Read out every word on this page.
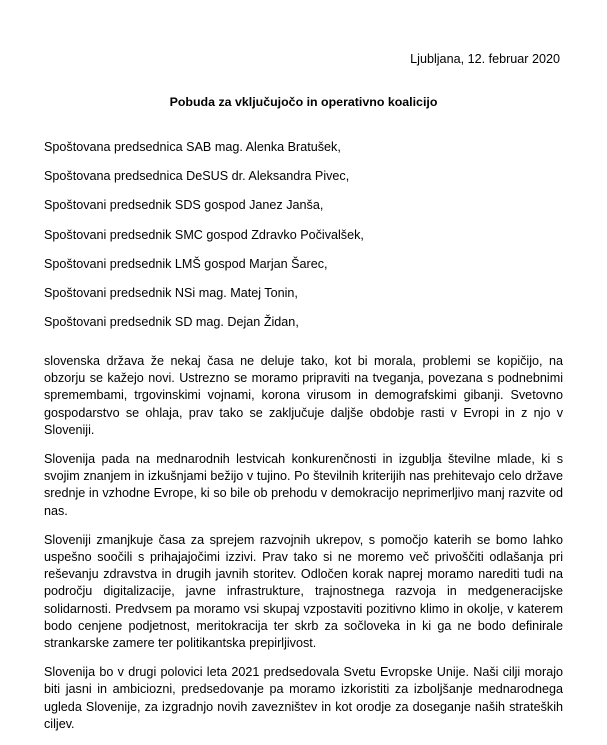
Ljubljana, 12. februar 2020
Pobuda za vključujočo in operativno koalicijo
Spoštovana predsednica SAB mag. Alenka Bratušek,
Spoštovana predsednica DeSUS dr. Aleksandra Pivec,
Spoštovani predsednik SDS gospod Janez Janša,
Spoštovani predsednik SMC gospod Zdravko Počivalšek,
Spoštovani predsednik LMŠ gospod Marjan Šarec,
Spoštovani predsednik NSi mag. Matej Tonin,
Spoštovani predsednik SD mag. Dejan Židan,

slovenska država že nekaj časa ne deluje tako, kot bi morala, problemi se kopičijo, na obzorju se kažejo novi. Ustrezno se moramo pripraviti na tveganja, povezana s podnebnimi spremembami, trgovinskimi vojnami, korona virusom in demografskimi gibanji. Svetovno gospodarstvo se ohlaja, prav tako se zaključuje daljše obdobje rasti v Evropi in z njo v Sloveniji.

Slovenija pada na mednarodnih lestvicah konkurenčnosti in izgublja številne mlade, ki s svojim znanjem in izkušnjami bežijo v tujino. Po številnih kriterijih nas prehitevajo celo države srednje in vzhodne Evrope, ki so bile ob prehodu v demokracijo neprimerljivo manj razvite od nas.

Sloveniji zmanjkuje časa za sprejem razvojnih ukrepov, s pomočjo katerih se bomo lahko uspešno soočili s prihajajočimi izzivi. Prav tako si ne moremo več privoščiti odlašanja pri reševanju zdravstva in drugih javnih storitev. Odločen korak naprej moramo narediti tudi na področju digitalizacije, javne infrastrukture, trajnostnega razvoja in medgeneracijske solidarnosti. Predvsem pa moramo vsi skupaj vzpostaviti pozitivno klimo in okolje, v katerem bodo cenjene podjetnost, meritokracija ter skrb za sočloveka in ki ga ne bodo definirale strankarske zamere ter politikantska prepirljivost.

Slovenija bo v drugi polovici leta 2021 predsedovala Svetu Evropske Unije. Naši cilji morajo biti jasni in ambiciozni, predsedovanje pa moramo izkoristiti za izboljšanje mednarodnega ugleda Slovenije, za izgradnjo novih zavezništev in kot orodje za doseganje naših strateških ciljev.
